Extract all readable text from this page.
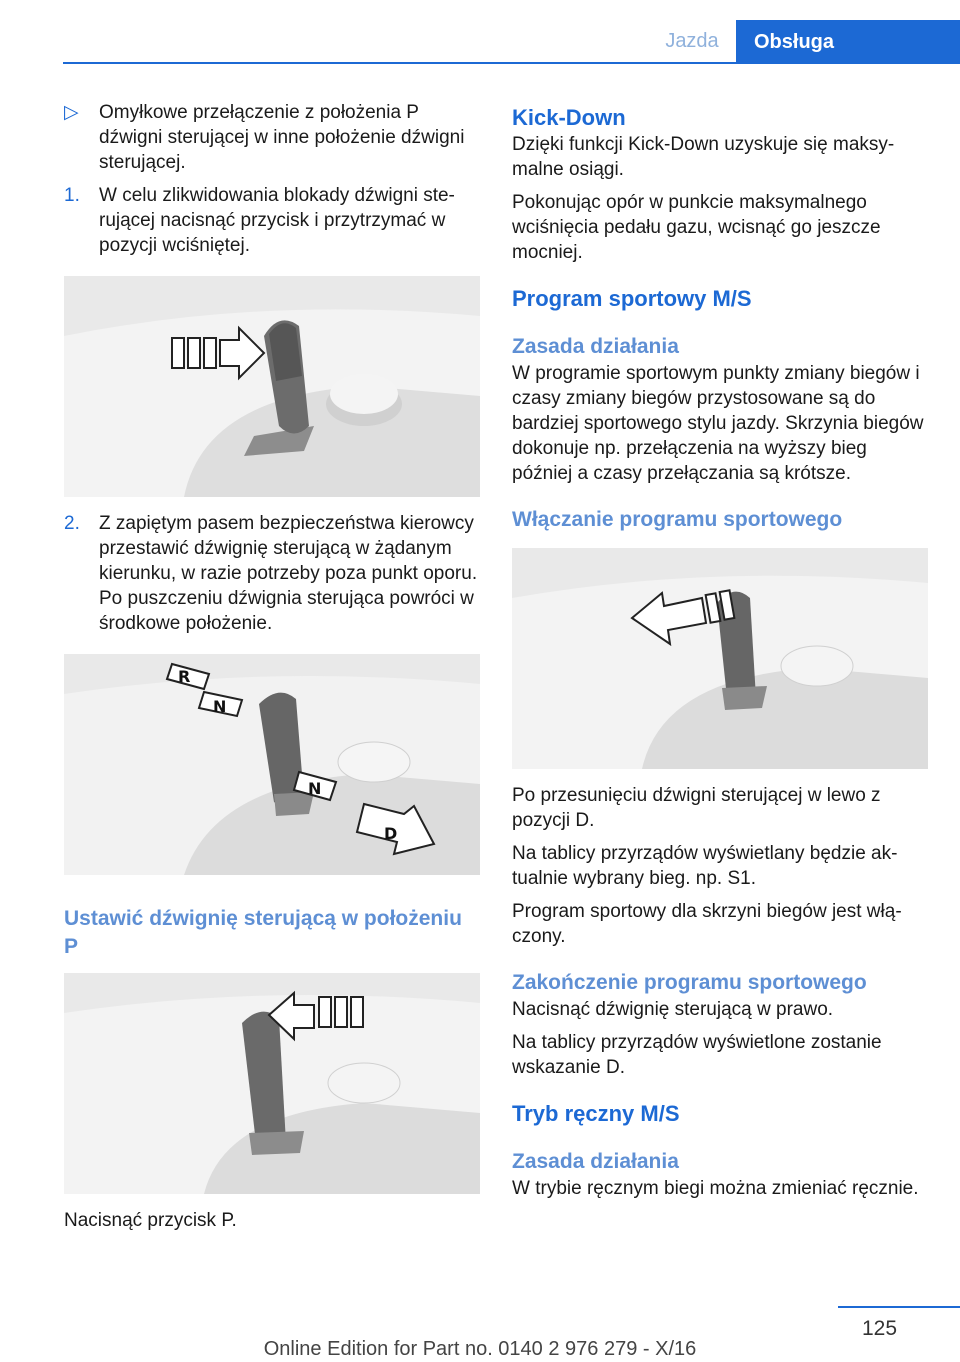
Jazda	Obsługa
▷ Omyłkowe przełączenie z położenia P dźwigni sterującej w inne położenie dźwigni sterującej.
1. W celu zlikwidowania blokady dźwigni sterującej nacisnąć przycisk i przytrzymać w pozycji wciśniętej.
2. Z zapiętym pasem bezpieczeństwa kierowcy przestawić dźwignię sterującą w żądanym kierunku, w razie potrzeby poza punkt oporu. Po puszczeniu dźwignia sterująca powróci w środkowe położenie.
R
N
N
D
Ustawić dźwignię sterującą w położeniu P

Nacisnąć przycisk P.

Kick-Down

Dzięki funkcji Kick-Down uzyskuje się maksymalne osiągi.

Pokonując opór w punkcie maksymalnego wciśnięcia pedału gazu, wcisnąć go jeszcze mocniej.

Program sportowy M/S
Zasada działania

W programie sportowym punkty zmiany biegów i czasy zmiany biegów przystosowane są do bardziej sportowego stylu jazdy. Skrzynia biegów dokonuje np. przełączenia na wyższy bieg później a czasy przełączania są krótsze.

Włączanie programu sportowego

Po przesunięciu dźwigni sterującej w lewo z pozycji D.

Na tablicy przyrządów wyświetlany będzie aktualnie wybrany bieg. np. S1.

Program sportowy dla skrzyni biegów jest włączony.

Zakończenie programu sportowego

Nacisnąć dźwignię sterującą w prawo.

Na tablicy przyrządów wyświetlone zostanie wskazanie D.

Tryb ręczny M/S
Zasada działania

W trybie ręcznym biegi można zmieniać ręcznie.

125
Online Edition for Part no. 0140 2 976 279 - X/16
